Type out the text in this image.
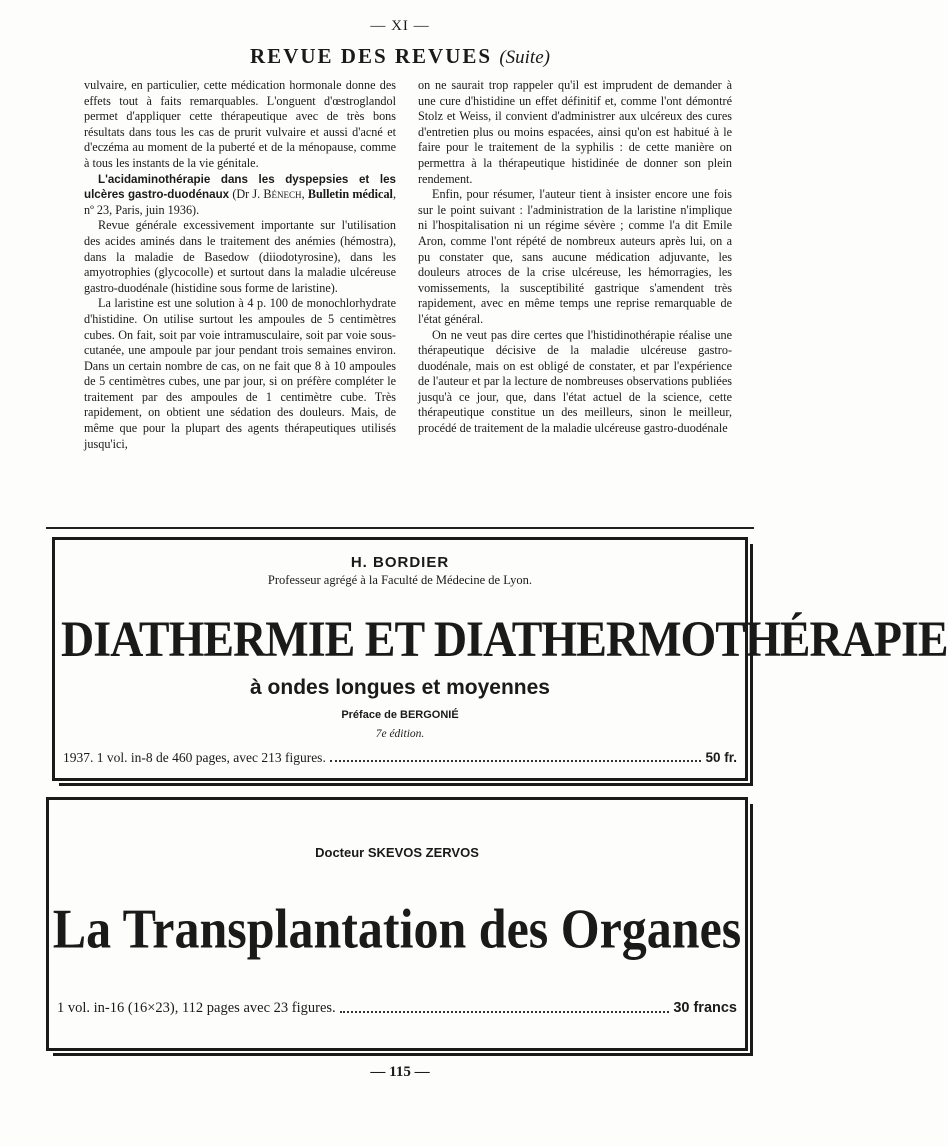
— XI —
REVUE DES REVUES (Suite)

vulvaire, en particulier, cette médication hormonale donne des effets tout à faits remarquables. L'onguent d'œstroglandol permet d'appliquer cette thérapeutique avec de très bons résultats dans tous les cas de prurit vulvaire et aussi d'acné et d'eczéma au moment de la puberté et de la ménopause, comme à tous les instants de la vie génitale.

L'acidaminothérapie dans les dyspepsies et les ulcères gastro-duodénaux (Dr J. Bénech, Bulletin médical, nº 23, Paris, juin 1936).

Revue générale excessivement importante sur l'utilisation des acides aminés dans le traitement des anémies (hémostra), dans la maladie de Basedow (diiodotyrosine), dans les amyotrophies (glycocolle) et surtout dans la maladie ulcéreuse gastro-duodénale (histidine sous forme de laristine).

La laristine est une solution à 4 p. 100 de monochlorhydrate d'histidine. On utilise surtout les ampoules de 5 centimètres cubes. On fait, soit par voie intramusculaire, soit par voie sous-cutanée, une ampoule par jour pendant trois semaines environ. Dans un certain nombre de cas, on ne fait que 8 à 10 ampoules de 5 centimètres cubes, une par jour, si on préfère compléter le traitement par des ampoules de 1 centimètre cube. Très rapidement, on obtient une sédation des douleurs. Mais, de même que pour la plupart des agents thérapeutiques utilisés jusqu'ici,

on ne saurait trop rappeler qu'il est imprudent de demander à une cure d'histidine un effet définitif et, comme l'ont démontré Stolz et Weiss, il convient d'administrer aux ulcéreux des cures d'entretien plus ou moins espacées, ainsi qu'on est habitué à le faire pour le traitement de la syphilis : de cette manière on permettra à la thérapeutique histidinée de donner son plein rendement.

Enfin, pour résumer, l'auteur tient à insister encore une fois sur le point suivant : l'administration de la laristine n'implique ni l'hospitalisation ni un régime sévère ; comme l'a dit Emile Aron, comme l'ont répété de nombreux auteurs après lui, on a pu constater que, sans aucune médication adjuvante, les douleurs atroces de la crise ulcéreuse, les hémorragies, les vomissements, la susceptibilité gastrique s'amendent très rapidement, avec en même temps une reprise remarquable de l'état général.

On ne veut pas dire certes que l'histidinothérapie réalise une thérapeutique décisive de la maladie ulcéreuse gastro-duodénale, mais on est obligé de constater, et par l'expérience de l'auteur et par la lecture de nombreuses observations publiées jusqu'à ce jour, que, dans l'état actuel de la science, cette thérapeutique constitue un des meilleurs, sinon le meilleur, procédé de traitement de la maladie ulcéreuse gastro-duodénale

H. BORDIER
Professeur agrégé à la Faculté de Médecine de Lyon.
DIATHERMIE ET DIATHERMOTHÉRAPIE
à ondes longues et moyennes
Préface de BERGONIÉ
7e édition.
1937. 1 vol. in-8 de 460 pages, avec 213 figures.	50 fr.
Docteur SKEVOS ZERVOS
La Transplantation des Organes
1 vol. in-16 (16×23), 112 pages avec 23 figures.	30 francs
— 115 —
